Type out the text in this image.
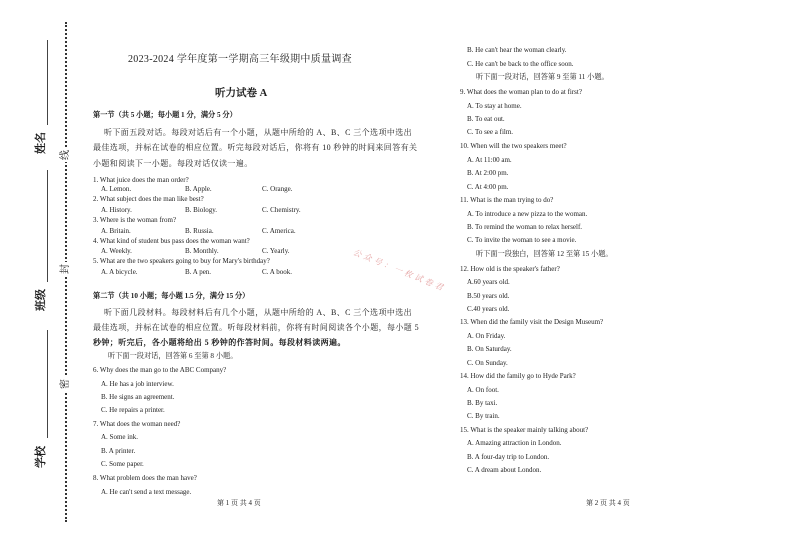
姓名
班级
学校
线
封
密
2023-2024 学年度第一学期高三年级期中质量调查
听力试卷 A
第一节（共 5 小题；每小题 1 分，满分 5 分）
听下面五段对话。每段对话后有一个小题，从题中所给的 A、B、C 三个选项中选出
最佳选项，并标在试卷的相应位置。听完每段对话后，你将有 10 秒钟的时间来回答有关
小题和阅读下一小题。每段对话仅读一遍。
1. What juice does the man order?
A. Lemon.	B. Apple.	C. Orange.
2. What subject does the man like best?
A. History.	B. Biology.	C. Chemistry.
3. Where is the woman from?
A. Britain.	B. Russia.	C. America.
4. What kind of student bus pass does the woman want?
A. Weekly.	B. Monthly.	C. Yearly.
5. What are the two speakers going to buy for Mary's birthday?
A. A bicycle.	B. A pen.	C. A book.
第二节（共 10 小题；每小题 1.5 分，满分 15 分）
听下面几段材料。每段材料后有几个小题，从题中所给的 A、B、C 三个选项中选出
最佳选项，并标在试卷的相应位置。听每段材料前，你将有时间阅读各个小题，每小题 5
秒钟；听完后，各小题将给出 5 秒钟的作答时间。每段材料读两遍。
听下面一段对话，回答第 6 至第 8 小题。
6. Why does the man go to the ABC Company?
A. He has a job interview.
B. He signs an agreement.
C. He repairs a printer.
7. What does the woman need?
A. Some ink.
B. A printer.
C. Some paper.
8. What problem does the man have?
A. He can't send a text message.
第 1 页 共 4 页
公众号：一枚试卷君
B. He can't hear the woman clearly.
C. He can't be back to the office soon.
听下面一段对话，回答第 9 至第 11 小题。
9. What does the woman plan to do at first?
A. To stay at home.
B. To eat out.
C. To see a film.
10. When will the two speakers meet?
A. At 11:00 am.
B. At 2:00 pm.
C. At 4:00 pm.
11. What is the man trying to do?
A. To introduce a new pizza to the woman.
B. To remind the woman to relax herself.
C. To invite the woman to see a movie.
听下面一段独白，回答第 12 至第 15 小题。
12. How old is the speaker's father?
A.60 years old.
B.50 years old.
C.40 years old.
13. When did the family visit the Design Museum?
A. On Friday.
B. On Saturday.
C. On Sunday.
14. How did the family go to Hyde Park?
A. On foot.
B. By taxi.
C. By train.
15. What is the speaker mainly talking about?
A. Amazing attraction in London.
B. A four-day trip to London.
C. A dream about London.
第 2 页 共 4 页
